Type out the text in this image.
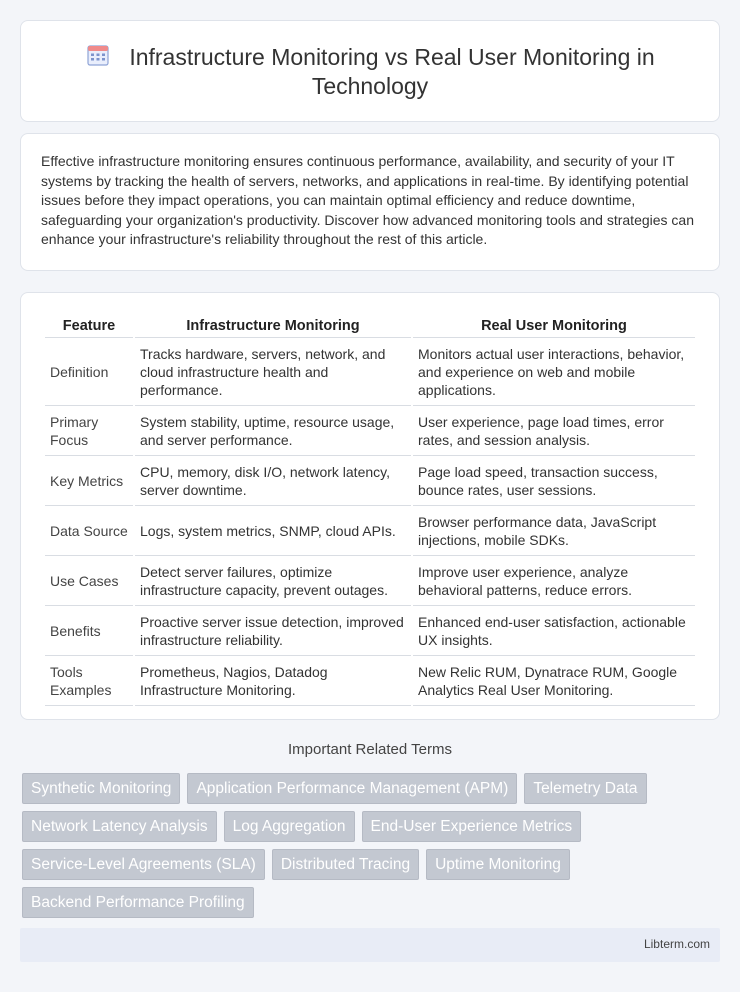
Infrastructure Monitoring vs Real User Monitoring in Technology

Effective infrastructure monitoring ensures continuous performance, availability, and security of your IT systems by tracking the health of servers, networks, and applications in real-time. By identifying potential issues before they impact operations, you can maintain optimal efficiency and reduce downtime, safeguarding your organization's productivity. Discover how advanced monitoring tools and strategies can enhance your infrastructure's reliability throughout the rest of this article.

Feature	Infrastructure Monitoring	Real User Monitoring
Definition	Tracks hardware, servers, network, and cloud infrastructure health and performance.	Monitors actual user interactions, behavior, and experience on web and mobile applications.
Primary Focus	System stability, uptime, resource usage, and server performance.	User experience, page load times, error rates, and session analysis.
Key Metrics	CPU, memory, disk I/O, network latency, server downtime.	Page load speed, transaction success, bounce rates, user sessions.
Data Source	Logs, system metrics, SNMP, cloud APIs.	Browser performance data, JavaScript injections, mobile SDKs.
Use Cases	Detect server failures, optimize infrastructure capacity, prevent outages.	Improve user experience, analyze behavioral patterns, reduce errors.
Benefits	Proactive server issue detection, improved infrastructure reliability.	Enhanced end-user satisfaction, actionable UX insights.
Tools Examples	Prometheus, Nagios, Datadog Infrastructure Monitoring.	New Relic RUM, Dynatrace RUM, Google Analytics Real User Monitoring.
Important Related Terms
Synthetic Monitoring	Application Performance Management (APM)	Telemetry Data
Network Latency Analysis	Log Aggregation	End-User Experience Metrics
Service-Level Agreements (SLA)	Distributed Tracing	Uptime Monitoring
Backend Performance Profiling
Libterm.com
